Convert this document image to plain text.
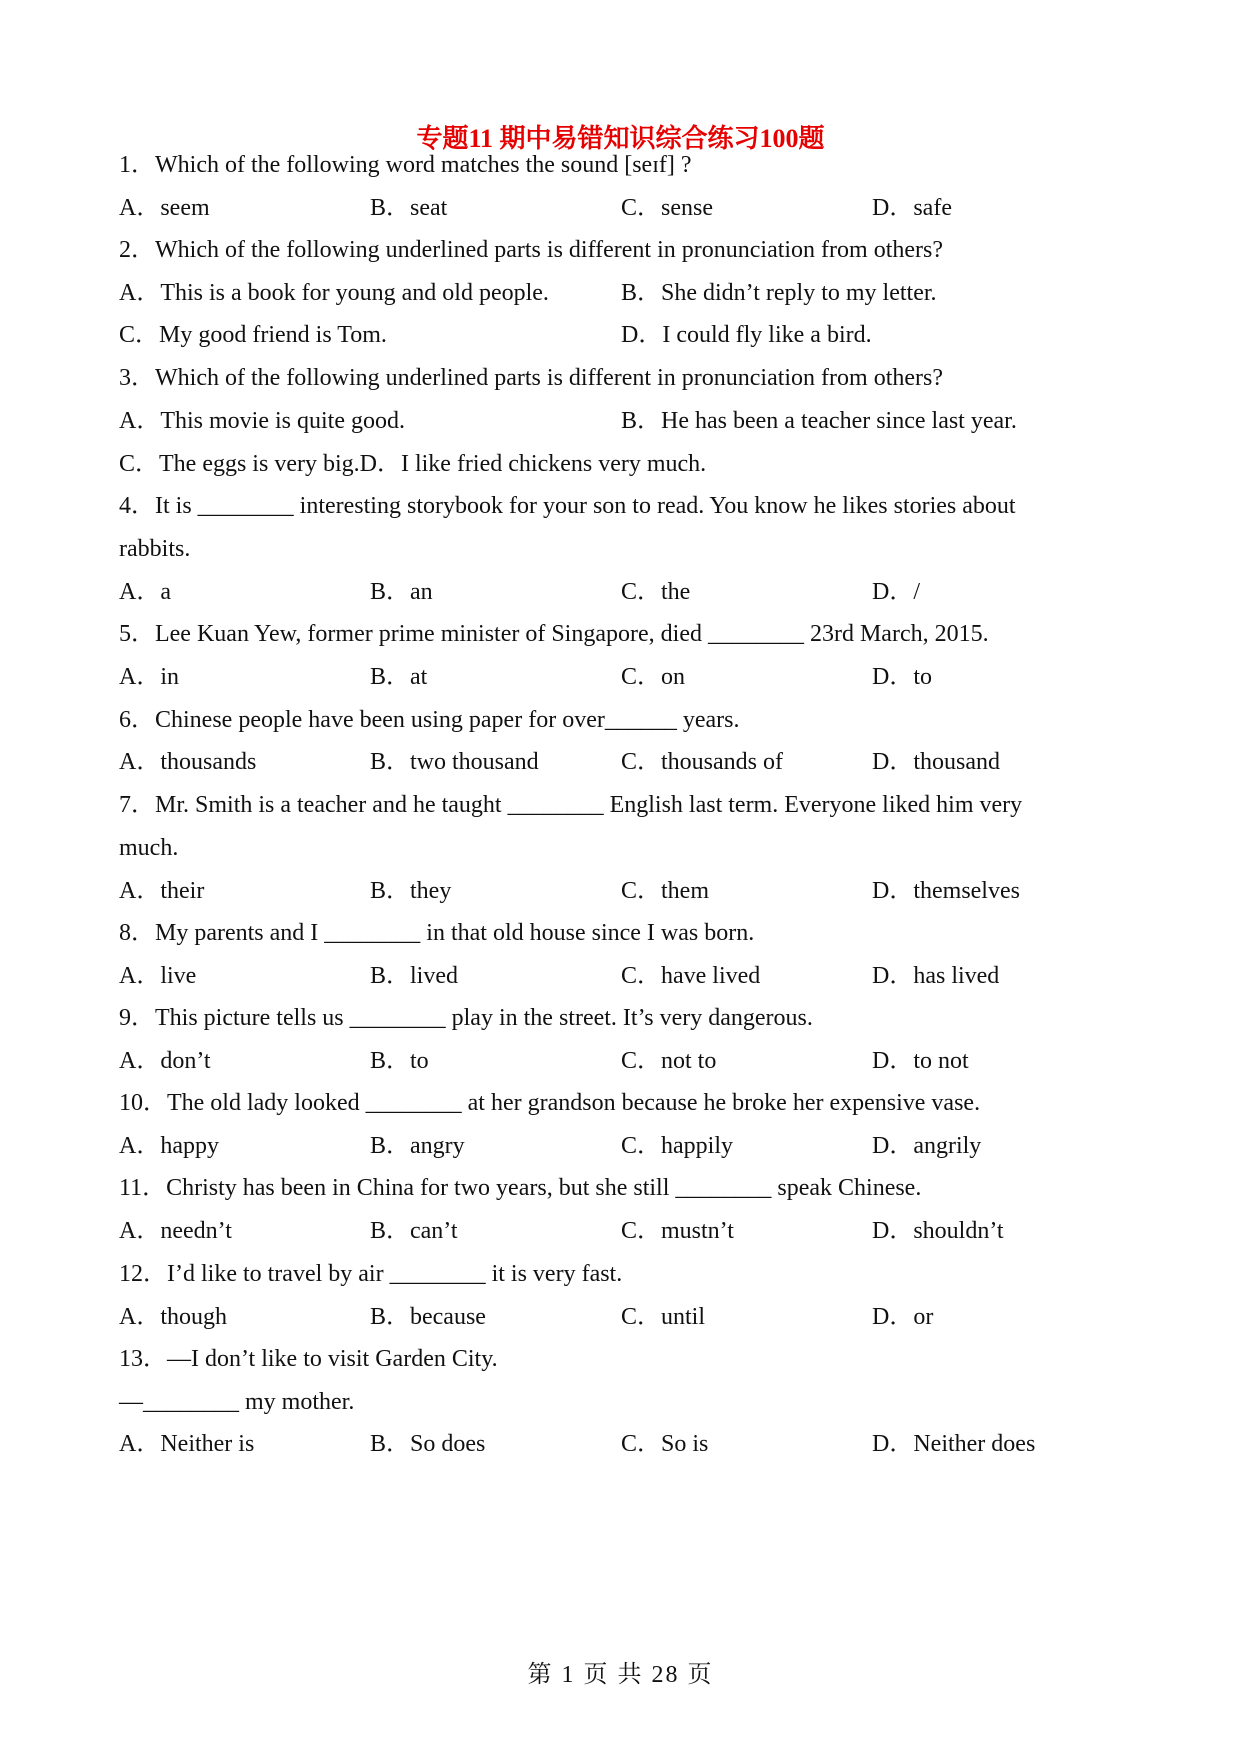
专题11 期中易错知识综合练习100题
1．Which of the following word matches the sound [seɪf] ?
A．seem	B．seat	C．sense	D．safe
2．Which of the following underlined parts is different in pronunciation from others?
A．This is a book for young and old people.	B．She didn’t reply to my letter.
C．My good friend is Tom.	D．I could fly like a bird.
3．Which of the following underlined parts is different in pronunciation from others?
A．This movie is quite good.	B．He has been a teacher since last year.
C．The eggs is very big.D．I like fried chickens very much.
4．It is ________ interesting storybook for your son to read. You know he likes stories about
rabbits.
A．a	B．an	C．the	D．/
5．Lee Kuan Yew, former prime minister of Singapore, died ________ 23rd March, 2015.
A．in	B．at	C．on	D．to
6．Chinese people have been using paper for over______ years.
A．thousands	B．two thousand	C．thousands of	D．thousand
7．Mr. Smith is a teacher and he taught ________ English last term. Everyone liked him very
much.
A．their	B．they	C．them	D．themselves
8．My parents and I ________ in that old house since I was born.
A．live	B．lived	C．have lived	D．has lived
9．This picture tells us ________ play in the street. It’s very dangerous.
A．don’t	B．to	C．not to	D．to not
10．The old lady looked ________ at her grandson because he broke her expensive vase.
A．happy	B．angry	C．happily	D．angrily
11．Christy has been in China for two years, but she still ________ speak Chinese.
A．needn’t	B．can’t	C．mustn’t	D．shouldn’t
12．I’d like to travel by air ________ it is very fast.
A．though	B．because	C．until	D．or
13．—I don’t like to visit Garden City.
—________ my mother.
A．Neither is	B．So does	C．So is	D．Neither does
第 1 页 共 28 页
